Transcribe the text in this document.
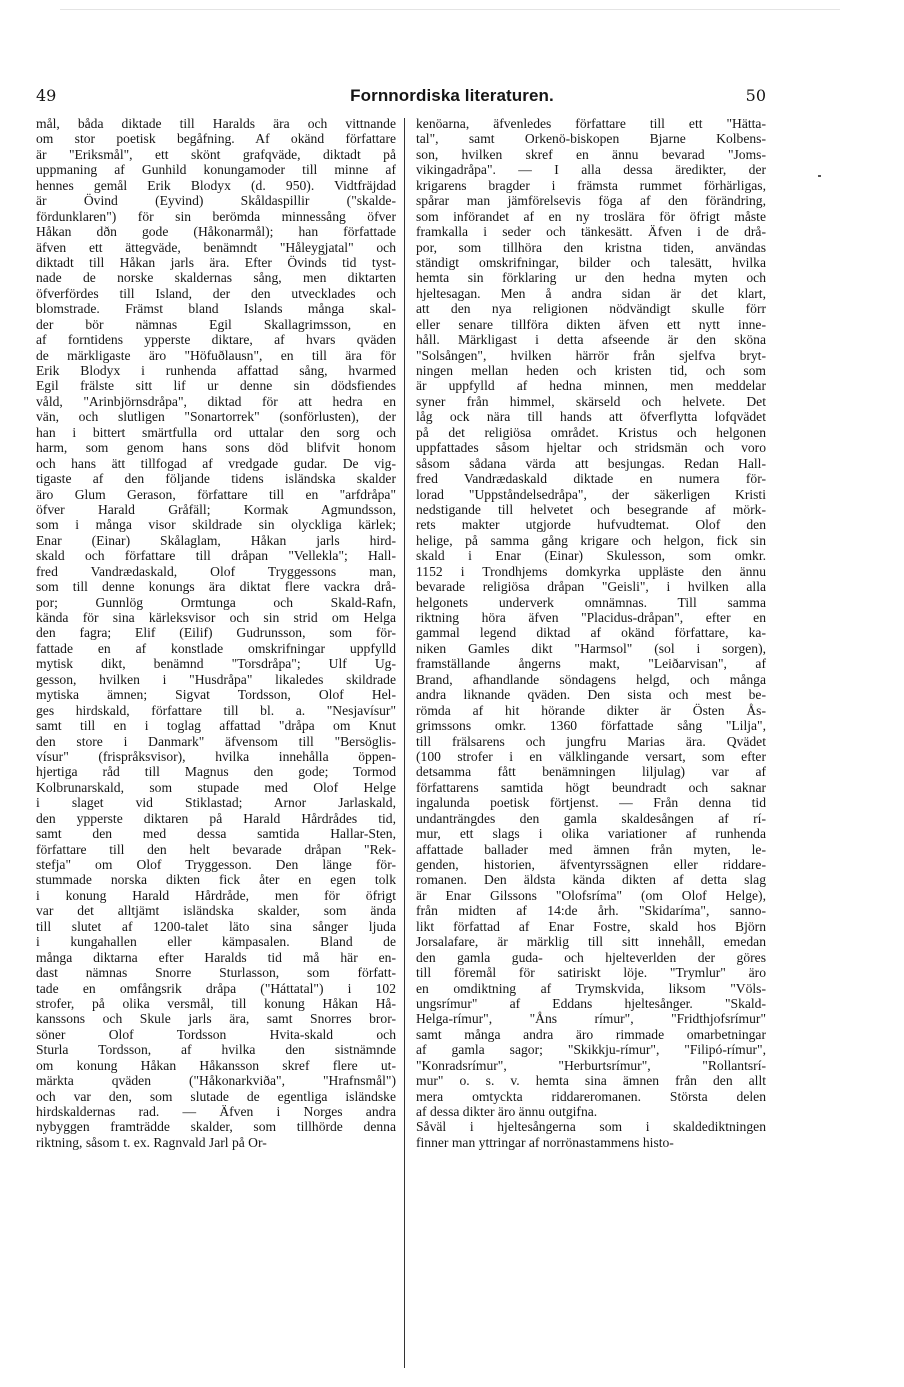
49	Fornnordiska literaturen.	50
mål, båda diktade till Haralds ära och vittnande
om stor poetisk begåfning. Af okänd författare
är "Eriksmål", ett skönt grafqväde, diktadt på
uppmaning af Gunhild konungamoder till minne af
hennes gemål Erik Blodyx (d. 950). Vidtfräjdad
är Övind (Eyvind) Skåldaspillir ("skalde-
fördunklaren") för sin berömda minnessång öfver
Håkan dðn gode (Håkonarmål); han författade
äfven ett ättegväde, benämndt "Håleygjatal" och
diktadt till Håkan jarls ära. Efter Övinds tid tyst-
nade de norske skaldernas sång, men diktarten
öfverfördes till Island, der den utvecklades och
blomstrade. Främst bland Islands många skal-
der bör nämnas Egil Skallagrimsson, en
af forntidens ypperste diktare, af hvars qväden
de märkligaste äro "Höfuðlausn", en till ära för
Erik Blodyx i runhenda affattad sång, hvarmed
Egil frälste sitt lif ur denne sin dödsfiendes
våld, "Arinbjörnsdråpa", diktad för att hedra en
vän, och slutligen "Sonartorrek" (sonförlusten), der
han i bittert smärtfulla ord uttalar den sorg och
harm, som genom hans sons död blifvit honom
och hans ätt tillfogad af vredgade gudar. De vig-
tigaste af den följande tidens isländska skalder
äro Glum Gerason, författare till en "arfdråpa"
öfver Harald Gråfäll; Kormak Agmundsson,
som i många visor skildrade sin olyckliga kärlek;
Enar (Einar) Skålaglam, Håkan jarls hird-
skald och författare till dråpan "Vellekla"; Hall-
fred Vandrædaskald, Olof Tryggessons man,
som till denne konungs ära diktat flere vackra drå-
por; Gunnlög Ormtunga och Skald-Rafn,
kända för sina kärleksvisor och sin strid om Helga
den fagra; Elif (Eilif) Gudrunsson, som för-
fattade en af konstlade omskrifningar uppfylld
mytisk dikt, benämnd "Torsdråpa"; Ulf Ug-
gesson, hvilken i "Husdråpa" likaledes skildrade
mytiska ämnen; Sigvat Tordsson, Olof Hel-
ges hirdskald, författare till bl. a. "Nesjavísur"
samt till en i toglag affattad "dråpa om Knut
den store i Danmark" äfvensom till "Bersöglis-
vísur" (frispråksvisor), hvilka innehålla öppen-
hjertiga råd till Magnus den gode; Tormod
Kolbrunarskald, som stupade med Olof Helge
i slaget vid Stiklastad; Arnor Jarlaskald,
den ypperste diktaren på Harald Hårdrådes tid,
samt den med dessa samtida Hallar-Sten,
författare till den helt bevarade dråpan "Rek-
stefja" om Olof Tryggesson. Den länge för-
stummade norska dikten fick åter en egen tolk
i konung Harald Hårdråde, men för öfrigt
var det alltjämt isländska skalder, som ända
till slutet af 1200-talet läto sina sånger ljuda
i kungahallen eller kämpasalen. Bland de
många diktarna efter Haralds tid må här en-
dast nämnas Snorre Sturlasson, som författ-
tade en omfångsrik dråpa ("Háttatal") i 102
strofer, på olika versmål, till konung Håkan Hå-
kanssons och Skule jarls ära, samt Snorres bror-
söner Olof Tordsson Hvita-skald och
Sturla Tordsson, af hvilka den sistnämnde
om konung Håkan Håkansson skref flere ut-
märkta qväden ("Håkonarkviða", "Hrafnsmål")
och var den, som slutade de egentliga isländske
hirdskaldernas rad. — Äfven i Norges andra
nybyggen framträdde skalder, som tillhörde denna
riktning, såsom t. ex. Ragnvald Jarl på Or-
kenöarna, äfvenledes författare till ett "Hätta-
tal", samt Orkenö-biskopen Bjarne Kolbens-
son, hvilken skref en ännu bevarad "Joms-
vikingadråpa". — I alla dessa äredikter, der
krigarens bragder i främsta rummet förhärligas,
spårar man jämförelsevis föga af den förändring,
som införandet af en ny troslära för öfrigt måste
framkalla i seder och tänkesätt. Äfven i de drå-
por, som tillhöra den kristna tiden, användas
ständigt omskrifningar, bilder och talesätt, hvilka
hemta sin förklaring ur den hedna myten och
hjeltesagan. Men å andra sidan är det klart,
att den nya religionen nödvändigt skulle förr
eller senare tillföra dikten äfven ett nytt inne-
håll. Märkligast i detta afseende är den sköna
"Solsången", hvilken härrör från sjelfva bryt-
ningen mellan heden och kristen tid, och som
är uppfylld af hedna minnen, men meddelar
syner från himmel, skärseld och helvete. Det
låg ock nära till hands att öfverflytta lofqvädet
på det religiösa området. Kristus och helgonen
uppfattades såsom hjeltar och stridsmän och voro
såsom sådana värda att besjungas. Redan Hall-
fred Vandrædaskald diktade en numera för-
lorad "Uppståndelsedråpa", der säkerligen Kristi
nedstigande till helvetet och besegrande af mörk-
rets makter utgjorde hufvudtemat. Olof den
helige, på samma gång krigare och helgon, fick sin
skald i Enar (Einar) Skulesson, som omkr.
1152 i Trondhjems domkyrka uppläste den ännu
bevarade religiösa dråpan "Geisli", i hvilken alla
helgonets underverk omnämnas. Till samma
riktning höra äfven "Placidus-dråpan", efter en
gammal legend diktad af okänd författare, ka-
niken Gamles dikt "Harmsol" (sol i sorgen),
framställande ångerns makt, "Leiðarvisan", af
Brand, afhandlande söndagens helgd, och många
andra liknande qväden. Den sista och mest be-
römda af hit hörande dikter är Östen Ås-
grimssons omkr. 1360 författade sång "Lilja",
till frälsarens och jungfru Marias ära. Qvädet
(100 strofer i en välklingande versart, som efter
detsamma fått benämningen liljulag) var af
författarens samtida högt beundradt och saknar
ingalunda poetisk förtjenst. — Från denna tid
undanträngdes den gamla skaldesången af rí-
mur, ett slags i olika variationer af runhenda
affattade ballader med ämnen från myten, le-
genden, historien, äfventyrssägnen eller riddare-
romanen. Den äldsta kända dikten af detta slag
är Enar Gilssons "Olofsríma" (om Olof Helge),
från midten af 14:de årh. "Skidaríma", sanno-
likt författad af Enar Fostre, skald hos Björn
Jorsalafare, är märklig till sitt innehåll, emedan
den gamla guda- och hjelteverlden der göres
till föremål för satiriskt löje. "Trymlur" äro
en omdiktning af Trymskvida, liksom "Völs-
ungsrímur" af Eddans hjeltesånger. "Skald-
Helga-rímur", "Åns rímur", "Fridthjofsrímur"
samt många andra äro rimmade omarbetningar
af gamla sagor; "Skikkju-rímur", "Filipó-rímur",
"Konradsrímur", "Herburtsrímur", "Rollantsrí-
mur" o. s. v. hemta sina ämnen från den allt
mera omtyckta riddareromanen. Största delen
af dessa dikter äro ännu outgifna.
Såväl i hjeltesångerna som i skaldediktningen
finner man yttringar af norrönastammens histo-
